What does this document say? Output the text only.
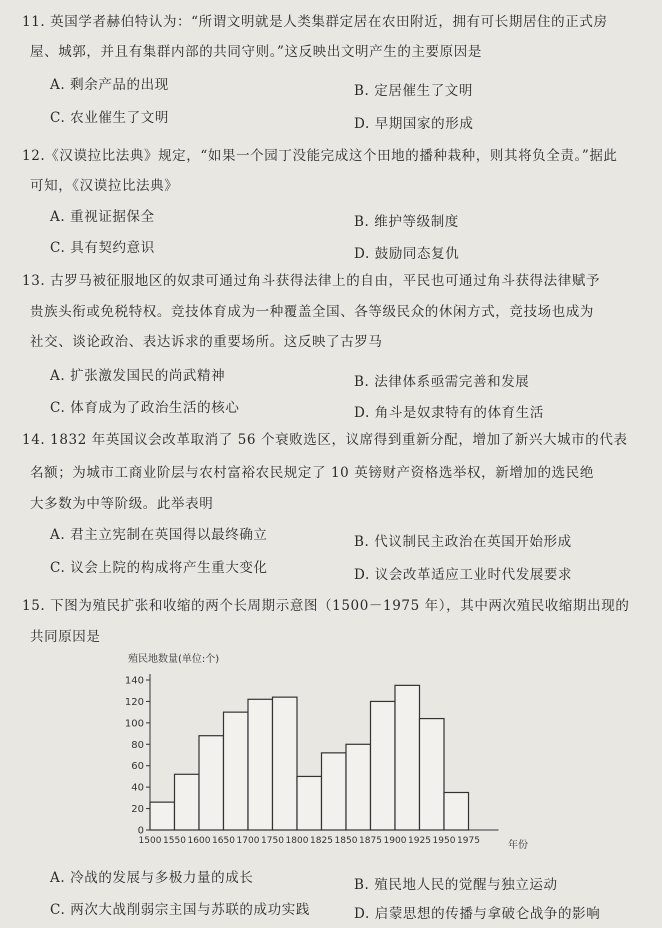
11. 英国学者赫伯特认为：“所谓文明就是人类集群定居在农田附近，拥有可长期居住的正式房
屋、城郭，并且有集群内部的共同守则。”这反映出文明产生的主要原因是
A. 剩余产品的出现	B. 定居催生了文明
C. 农业催生了文明	D. 早期国家的形成
12.《汉谟拉比法典》规定，“如果一个园丁没能完成这个田地的播种栽种，则其将负全责。”据此
可知，《汉谟拉比法典》
A. 重视证据保全	B. 维护等级制度
C. 具有契约意识	D. 鼓励同态复仇
13. 古罗马被征服地区的奴隶可通过角斗获得法律上的自由，平民也可通过角斗获得法律赋予
贵族头衔或免税特权。竞技体育成为一种覆盖全国、各等级民众的休闲方式，竞技场也成为
社交、谈论政治、表达诉求的重要场所。这反映了古罗马
A. 扩张激发国民的尚武精神	B. 法律体系亟需完善和发展
C. 体育成为了政治生活的核心	D. 角斗是奴隶特有的体育生活
14. 1832 年英国议会改革取消了 56 个衰败选区，议席得到重新分配，增加了新兴大城市的代表
名额；为城市工商业阶层与农村富裕农民规定了 10 英镑财产资格选举权，新增加的选民绝
大多数为中等阶级。此举表明
A. 君主立宪制在英国得以最终确立	B. 代议制民主政治在英国开始形成
C. 议会上院的构成将产生重大变化	D. 议会改革适应工业时代发展要求
15. 下图为殖民扩张和收缩的两个长周期示意图（1500－1975 年），其中两次殖民收缩期出现的
共同原因是
殖民地数量(单位:个)
0
20
40
60
80
100
120
140
1500 1550 1600 1650 1700 1750 1800 1825 1850 1875 1900 1925 1950 1975	年份
A. 冷战的发展与多极力量的成长	B. 殖民地人民的觉醒与独立运动
C. 两次大战削弱宗主国与苏联的成功实践	D. 启蒙思想的传播与拿破仑战争的影响
